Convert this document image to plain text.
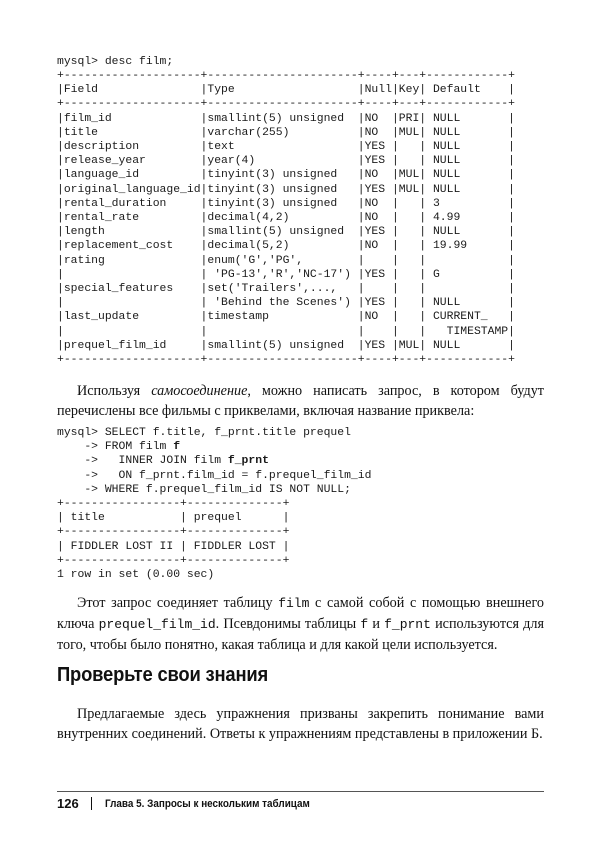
mysql> desc film;
+--------------------+----------------------+----+---+------------+
|Field               |Type                  |Null|Key| Default    |
+--------------------+----------------------+----+---+------------+
|film_id             |smallint(5) unsigned  |NO  |PRI| NULL       |
|title               |varchar(255)          |NO  |MUL| NULL       |
|description         |text                  |YES |   | NULL       |
|release_year        |year(4)               |YES |   | NULL       |
|language_id         |tinyint(3) unsigned   |NO  |MUL| NULL       |
|original_language_id|tinyint(3) unsigned   |YES |MUL| NULL       |
|rental_duration     |tinyint(3) unsigned   |NO  |   | 3          |
|rental_rate         |decimal(4,2)          |NO  |   | 4.99       |
|length              |smallint(5) unsigned  |YES |   | NULL       |
|replacement_cost    |decimal(5,2)          |NO  |   | 19.99      |
|rating              |enum('G','PG',        |    |   |            |
|                    | 'PG-13','R','NC-17') |YES |   | G          |
|special_features    |set('Trailers',...,   |    |   |            |
|                    | 'Behind the Scenes') |YES |   | NULL       |
|last_update         |timestamp             |NO  |   | CURRENT_   |
|                    |                      |    |   |   TIMESTAMP|
|prequel_film_id     |smallint(5) unsigned  |YES |MUL| NULL       |
+--------------------+----------------------+----+---+------------+

Используя самосоединение, можно написать запрос, в котором будут перечислены все фильмы с приквелами, включая название приквела:

mysql> SELECT f.title, f_prnt.title prequel
-> FROM film f
->   INNER JOIN film f_prnt
->   ON f_prnt.film_id = f.prequel_film_id
-> WHERE f.prequel_film_id IS NOT NULL;
+-----------------+--------------+
| title           | prequel      |
+-----------------+--------------+
| FIDDLER LOST II | FIDDLER LOST |
+-----------------+--------------+
1 row in set (0.00 sec)

Этот запрос соединяет таблицу film с самой собой с помощью внешнего ключа prequel_film_id. Псевдонимы таблицы f и f_prnt используются для того, чтобы было понятно, какая таблица и для какой цели используется.

Проверьте свои знания

Предлагаемые здесь упражнения призваны закрепить понимание вами внутренних соединений. Ответы к упражнениям представлены в приложении Б.

126 Глава 5. Запросы к нескольким таблицам
